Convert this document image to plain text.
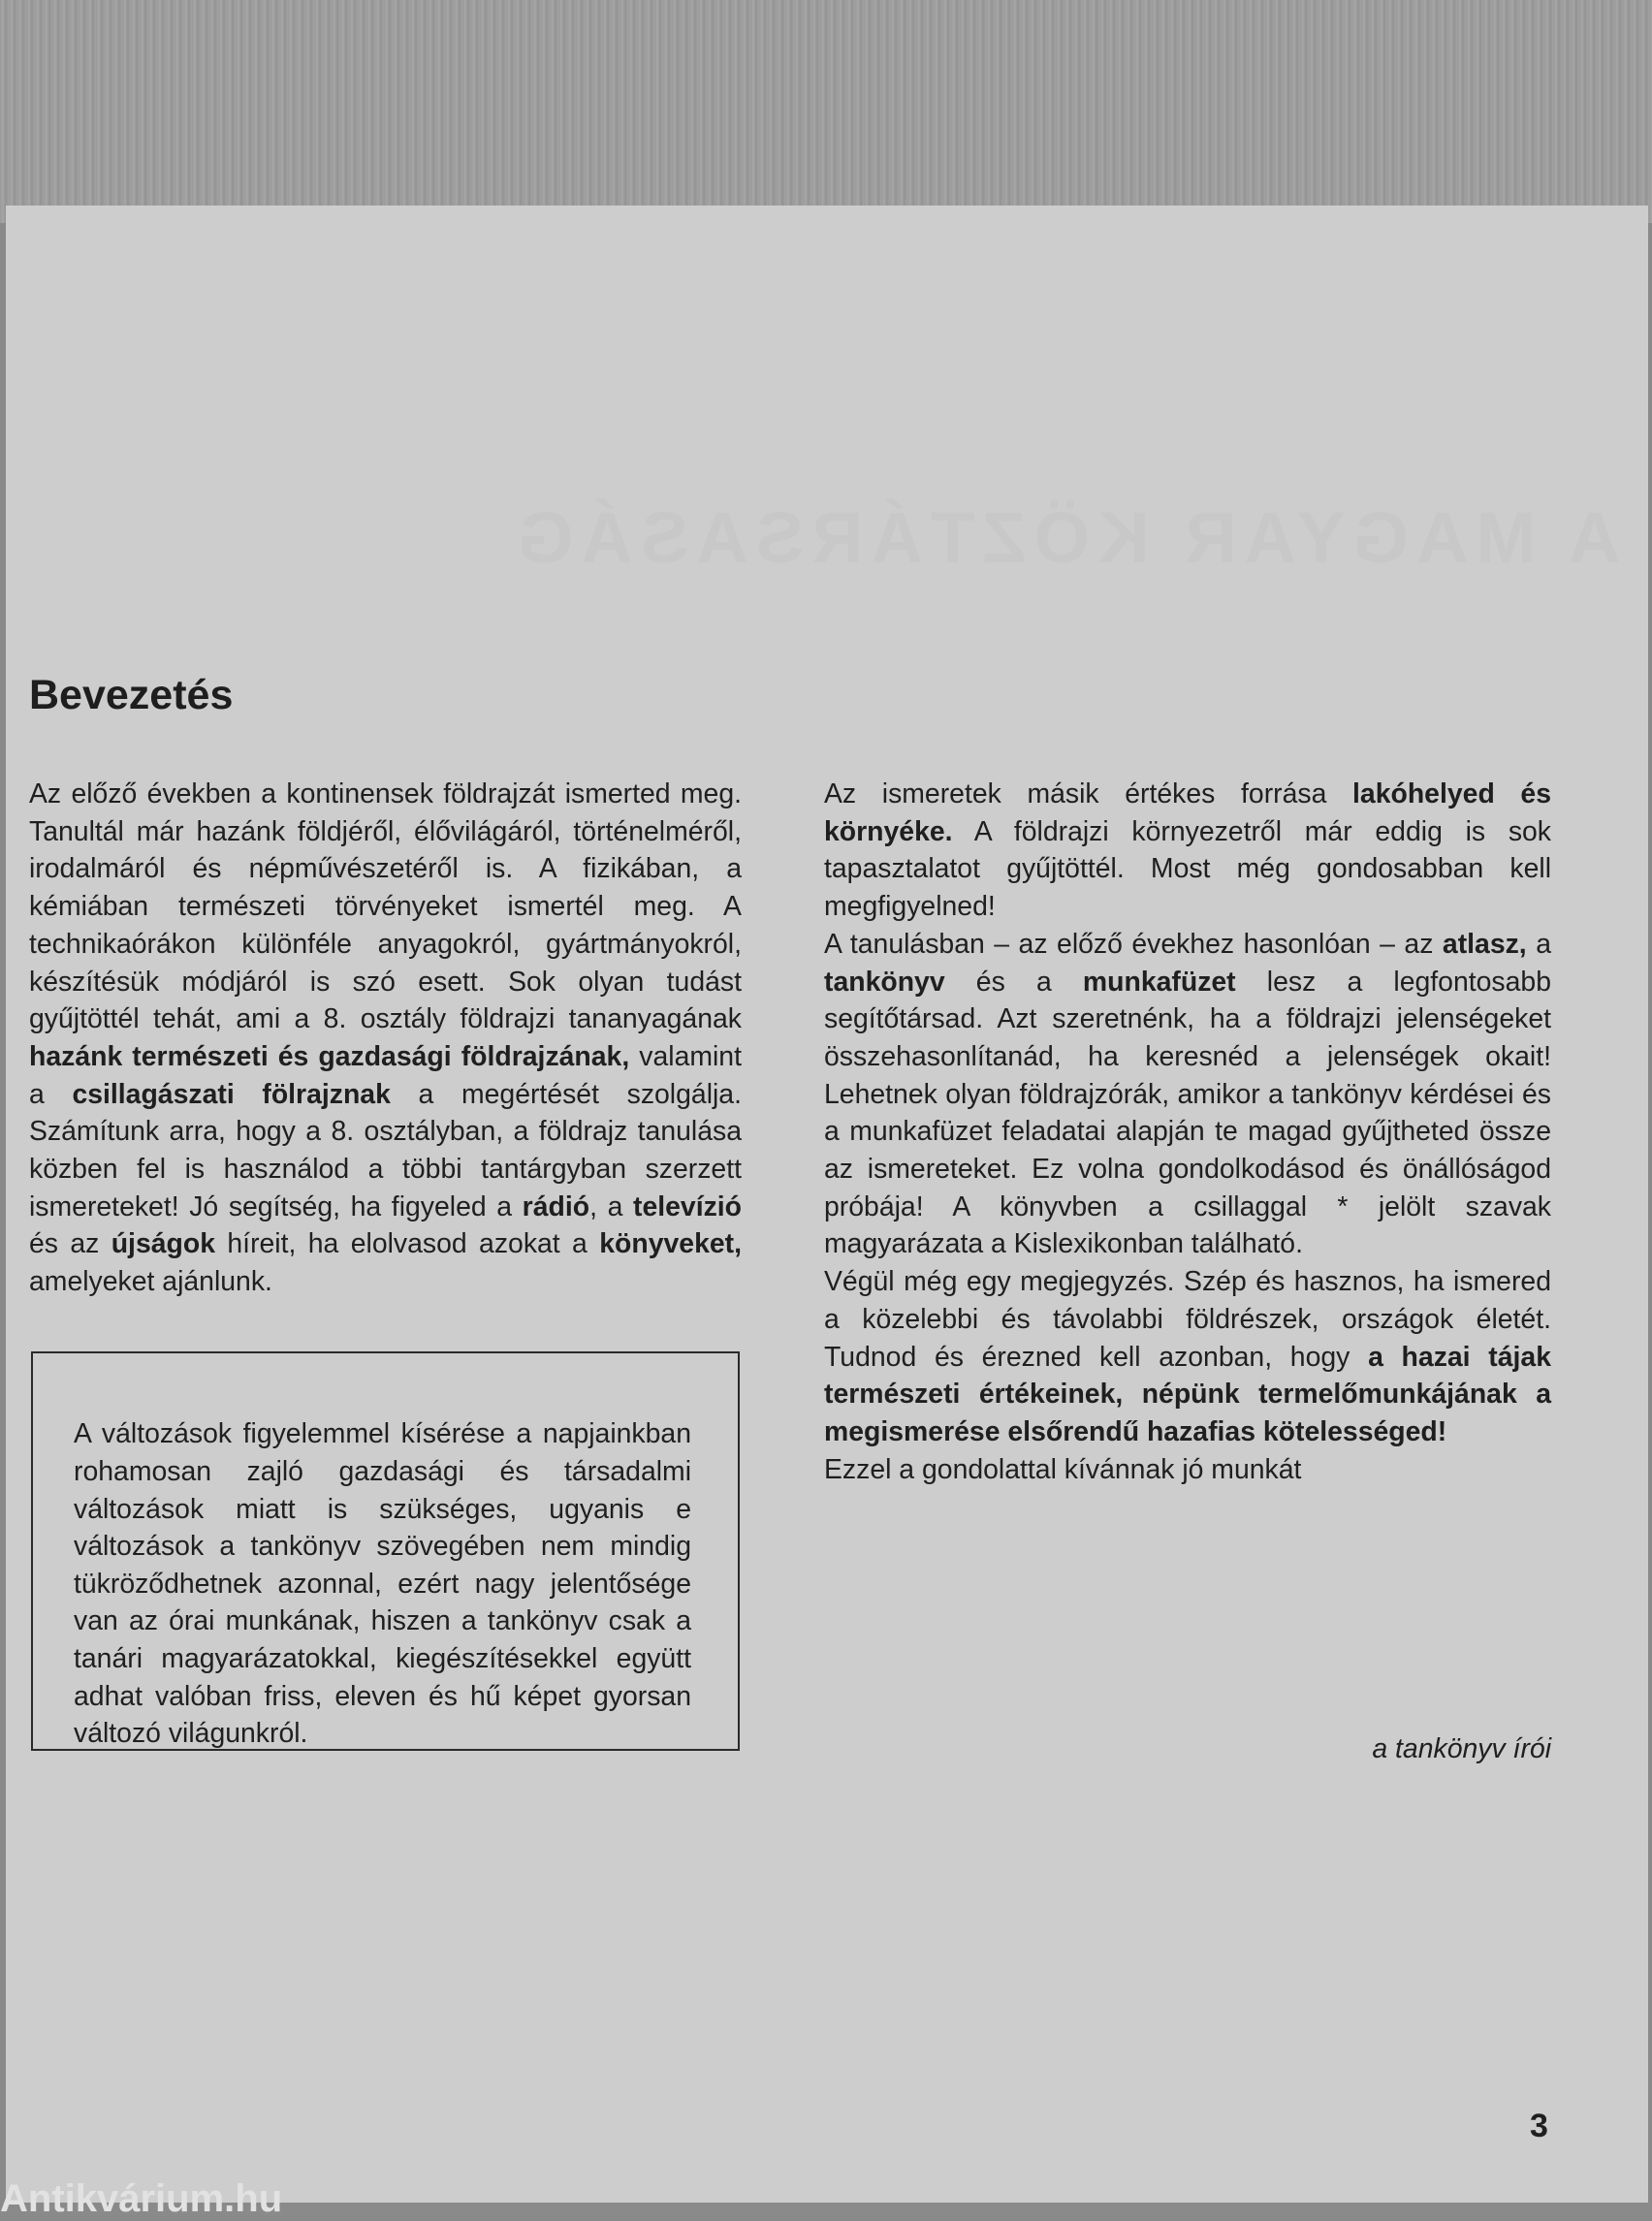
A MAGYAR KÖZTÁRSASÁG
Bevezetés

Az előző években a kontinensek földrajzát ismerted meg. Tanultál már hazánk földjéről, élővilágáról, történelméről, irodalmáról és népművészetéről is. A fizikában, a kémiában természeti törvényeket ismertél meg. A technikaórákon különféle anyagokról, gyártmányokról, készítésük módjáról is szó esett. Sok olyan tudást gyűjtöttél tehát, ami a 8. osztály földrajzi tananyagának hazánk természeti és gazdasági földrajzának, valamint a csillagászati fölrajznak a megértését szolgálja. Számítunk arra, hogy a 8. osztályban, a földrajz tanulása közben fel is használod a többi tantárgyban szerzett ismereteket! Jó segítség, ha figyeled a rádió, a televízió és az újságok híreit, ha elolvasod azokat a könyveket, amelyeket ajánlunk.

A változások figyelemmel kísérése a napjainkban rohamosan zajló gazdasági és társadalmi változások miatt is szükséges, ugyanis e változások a tankönyv szövegében nem mindig tükröződhetnek azonnal, ezért nagy jelentősége van az órai munkának, hiszen a tankönyv csak a tanári magyarázatokkal, kiegészítésekkel együtt adhat valóban friss, eleven és hű képet gyorsan változó világunkról.

Az ismeretek másik értékes forrása lakóhelyed és környéke. A földrajzi környezetről már eddig is sok tapasztalatot gyűjtöttél. Most még gondosabban kell megfigyelned!

A tanulásban – az előző évekhez hasonlóan – az atlasz, a tankönyv és a munkafüzet lesz a legfontosabb segítőtársad. Azt szeretnénk, ha a földrajzi jelenségeket összehasonlítanád, ha keresnéd a jelenségek okait! Lehetnek olyan földrajzórák, amikor a tankönyv kérdései és a munkafüzet feladatai alapján te magad gyűjtheted össze az ismereteket. Ez volna gondolkodásod és önállóságod próbája! A könyvben a csillaggal * jelölt szavak magyarázata a Kislexikonban található.

Végül még egy megjegyzés. Szép és hasznos, ha ismered a közelebbi és távolabbi földrészek, országok életét. Tudnod és érezned kell azonban, hogy a hazai tájak természeti értékeinek, népünk termelőmunkájának a megismerése elsőrendű hazafias kötelességed!

Ezzel a gondolattal kívánnak jó munkát

a tankönyv írói
3
Antikvárium.hu
